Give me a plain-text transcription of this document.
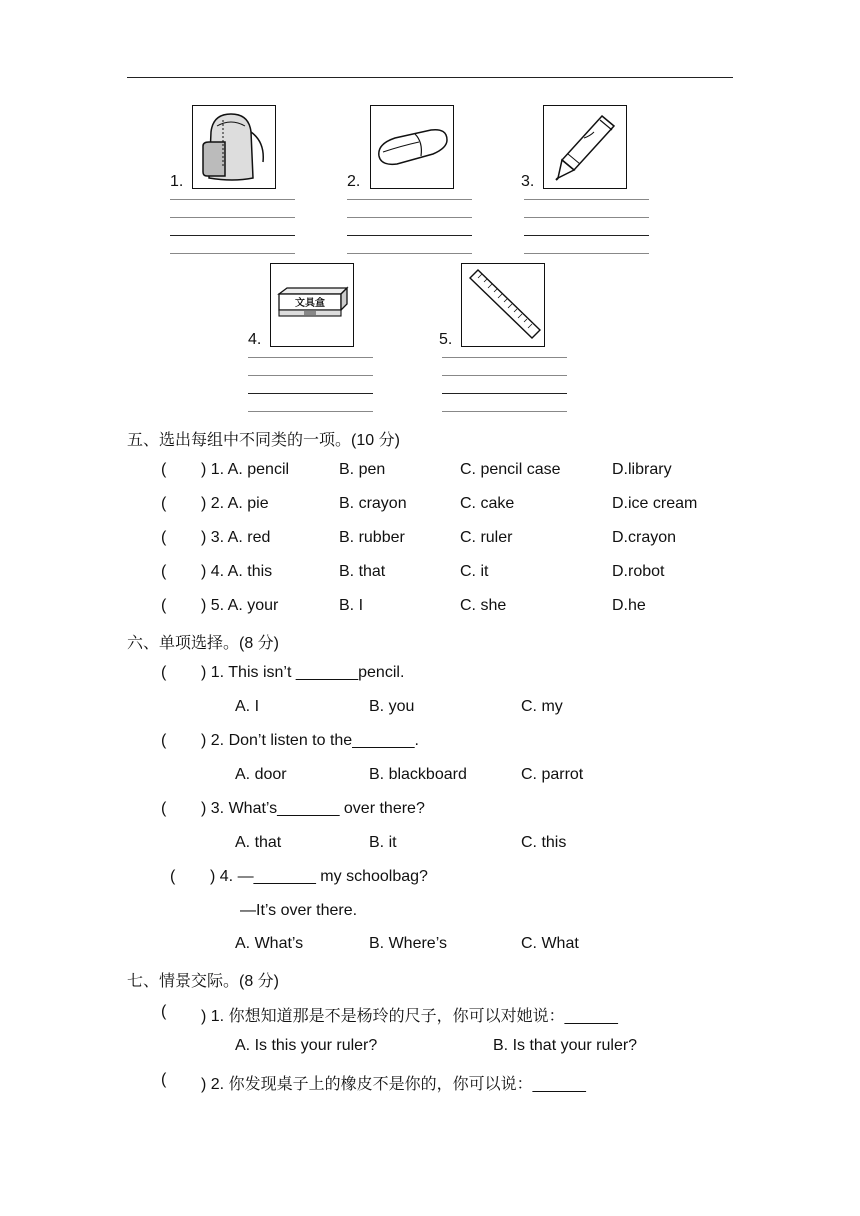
1.	2.	3.
4.
文具盒
5.
五、选出每组中不同类的一项。(10 分)
( ) 1. A. pencil	B. pen	C. pencil case	D.library
( ) 2. A. pie	B. crayon	C. cake	D.ice cream
( ) 3. A. red	B. rubber	C. ruler	D.crayon
( ) 4. A. this	B. that	C. it	D.robot
( ) 5. A. your	B. I	C. she	D.he
六、单项选择。(8 分)
( ) 1. This isn’t _______pencil.
A. I	B. you	C. my
( ) 2. Don’t listen to the_______.
A. door	B. blackboard	C. parrot
( ) 3. What’s_______ over there?
A. that	B. it	C. this
( ) 4. —_______ my schoolbag?
—It’s over there.
A. What’s	B. Where’s	C. What
七、情景交际。(8 分)
( ) 1. 你想知道那是不是杨玲的尺子，你可以对她说：______
A. Is this your ruler?	B. Is that your ruler?
( ) 2. 你发现桌子上的橡皮不是你的，你可以说：______
